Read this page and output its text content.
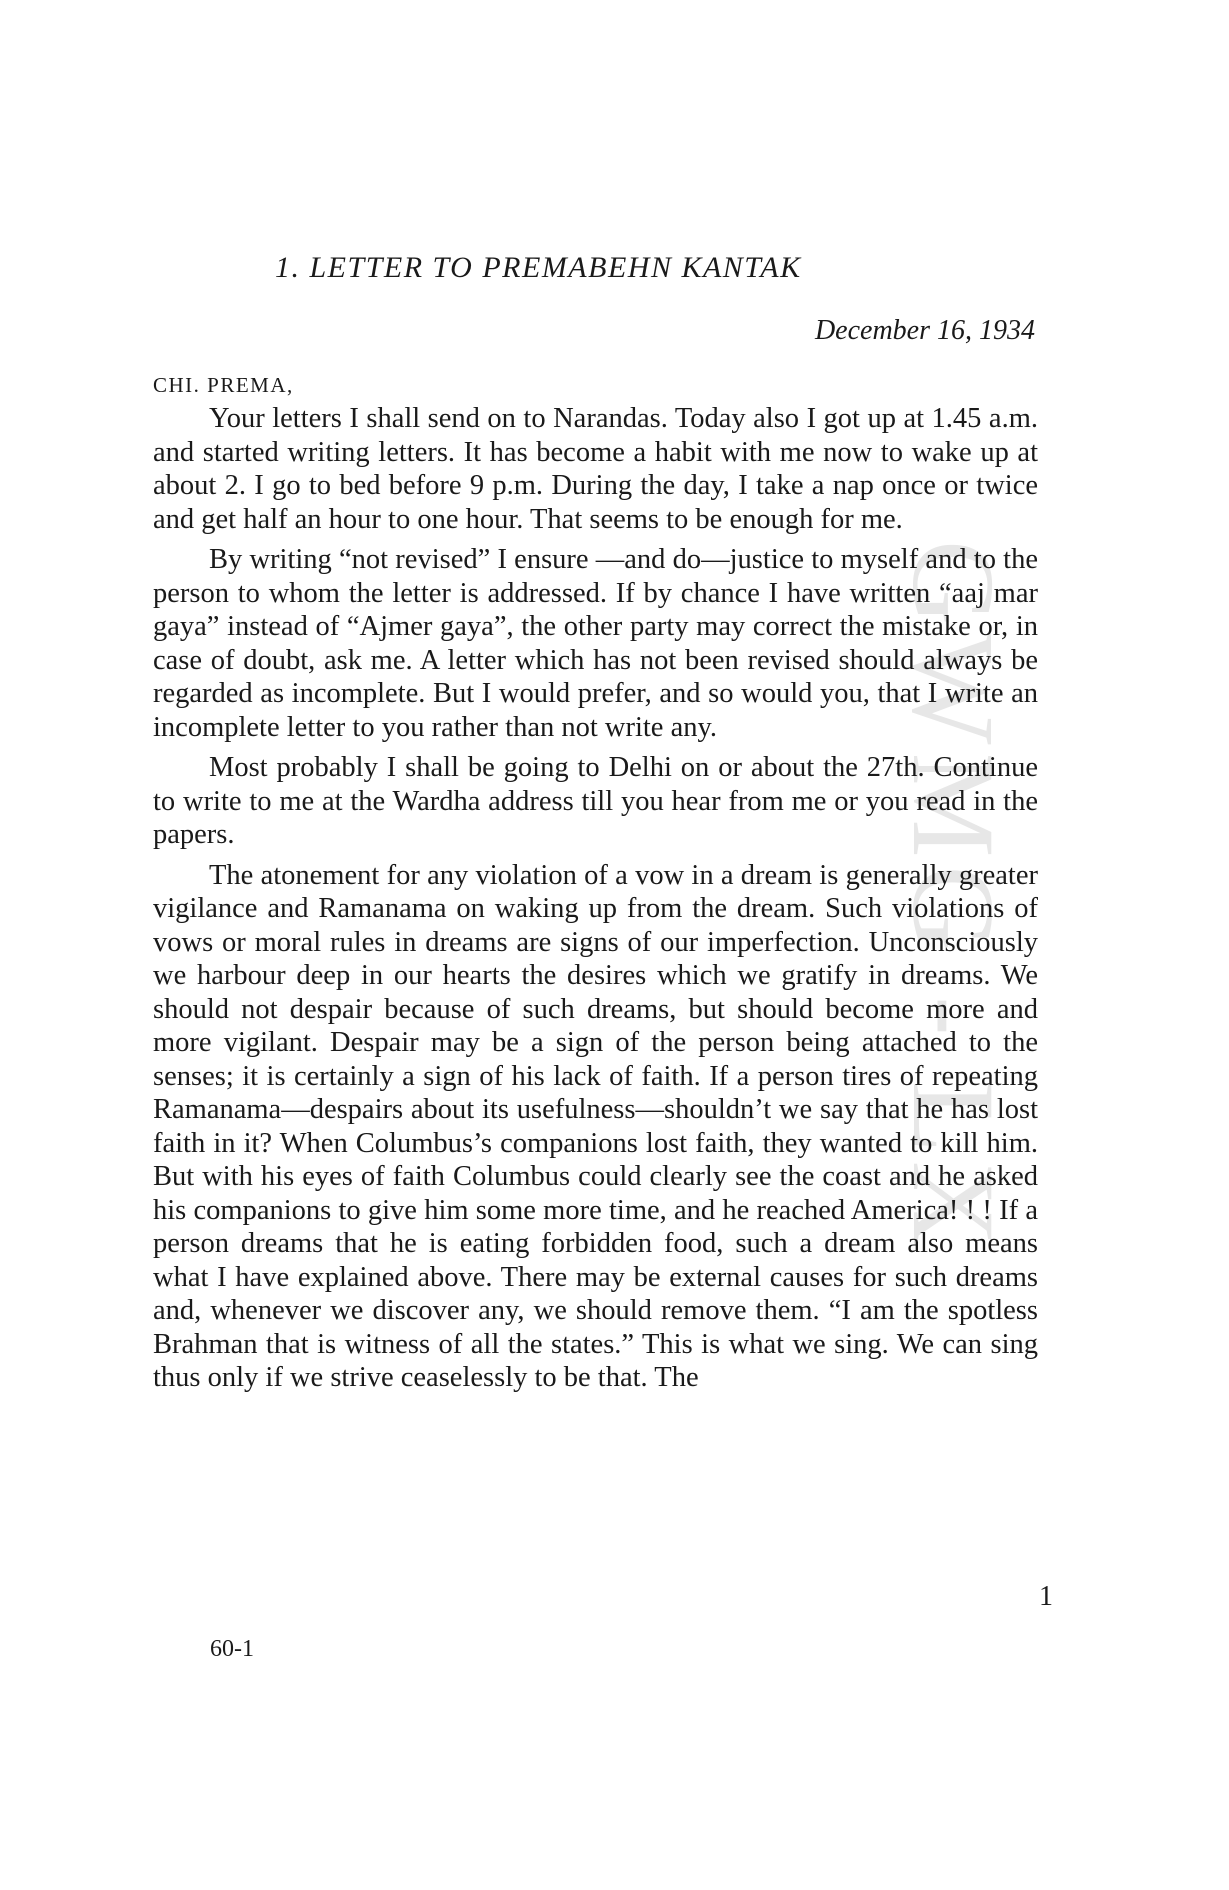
GWMG - LX
1. LETTER TO PREMABEHN KANTAK
December 16, 1934
CHI. PREMA,

Your letters I shall send on to Narandas. Today also I got up at 1.45 a.m. and started writing letters. It has become a habit with me now to wake up at about 2. I go to bed before 9 p.m. During the day, I take a nap once or twice and get half an hour to one hour. That seems to be enough for me.

By writing “not revised” I ensure —and do—justice to myself and to the person to whom the letter is addressed. If by chance I have written “aaj mar gaya” instead of “Ajmer gaya”, the other party may correct the mistake or, in case of doubt, ask me. A letter which has not been revised should always be regarded as incomplete. But I would prefer, and so would you, that I write an incomplete letter to you rather than not write any.

Most probably I shall be going to Delhi on or about the 27th. Continue to write to me at the Wardha address till you hear from me or you read in the papers.

The atonement for any violation of a vow in a dream is generally greater vigilance and Ramanama on waking up from the dream. Such violations of vows or moral rules in dreams are signs of our imperfection. Unconsciously we harbour deep in our hearts the desires which we gratify in dreams. We should not despair because of such dreams, but should become more and more vigilant. Despair may be a sign of the person being attached to the senses; it is certainly a sign of his lack of faith. If a person tires of repeating Ramanama—despairs about its usefulness—shouldn’t we say that he has lost faith in it? When Columbus’s companions lost faith, they wanted to kill him. But with his eyes of faith Columbus could clearly see the coast and he asked his companions to give him some more time, and he reached America! ! ! If a person dreams that he is eating forbidden food, such a dream also means what I have explained above. There may be external causes for such dreams and, whenever we discover any, we should remove them. “I am the spotless Brahman that is witness of all the states.” This is what we sing. We can sing thus only if we strive ceaselessly to be that. The

1
60-1
